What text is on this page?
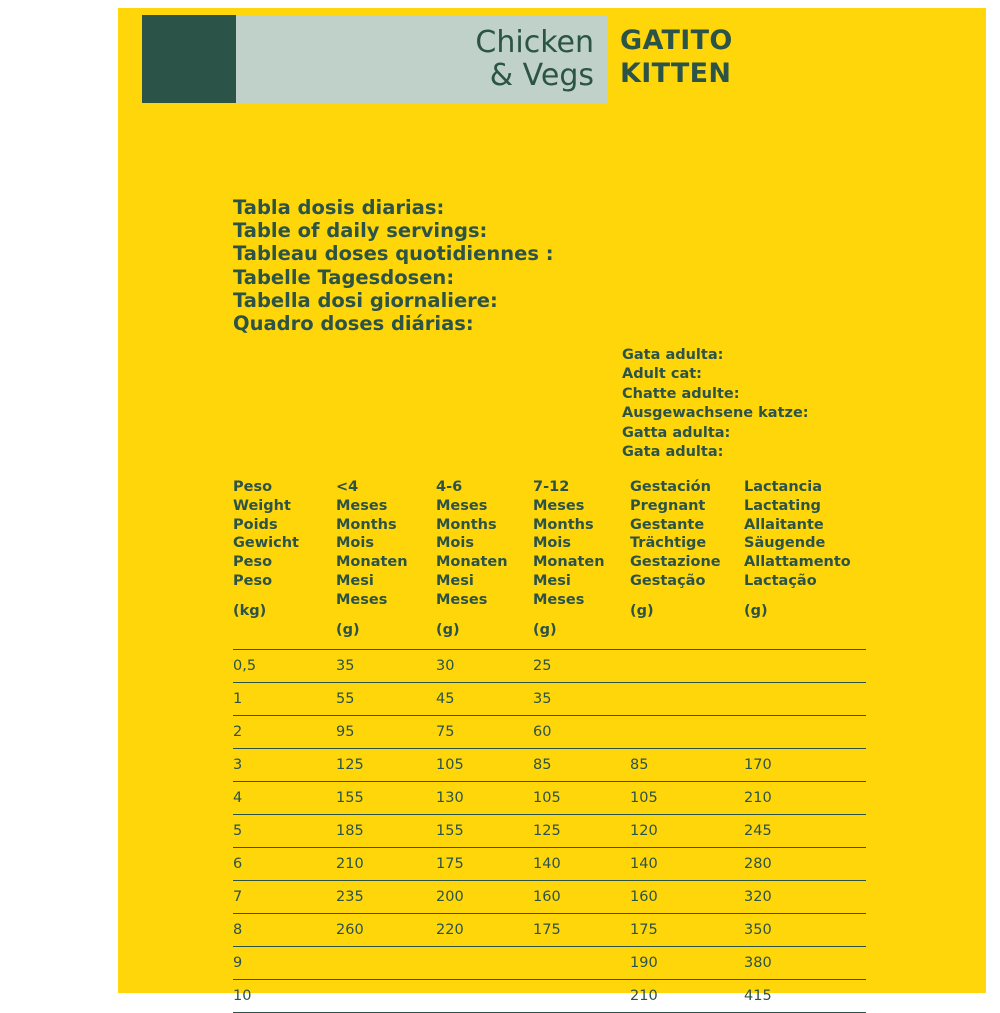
Chicken
& Vegs
GATITO
KITTEN
Tabla dosis diarias:
Table of daily servings:
Tableau doses quotidiennes :
Tabelle Tagesdosen:
Tabella dosi giornaliere:
Quadro doses diárias:
Gata adulta:
Adult cat:
Chatte adulte:
Ausgewachsene katze:
Gatta adulta:
Gata adulta:
Peso
Weight
Poids
Gewicht
Peso
Peso
(kg)

<4
Meses
Months
Mois
Monaten
Mesi
Meses
(g)

4-6
Meses
Months
Mois
Monaten
Mesi
Meses
(g)

7-12
Meses
Months
Mois
Monaten
Mesi
Meses
(g)

Gestación
Pregnant
Gestante
Trächtige
Gestazione
Gestação
(g)

Lactancia
Lactating
Allaitante
Säugende
Allattamento
Lactação
(g)

0,5	35	30	25		
1	55	45	35		
2	95	75	60		
3	125	105	85	85	170
4	155	130	105	105	210
5	185	155	125	120	245
6	210	175	140	140	280
7	235	200	160	160	320
8	260	220	175	175	350
9				190	380
10				210	415
